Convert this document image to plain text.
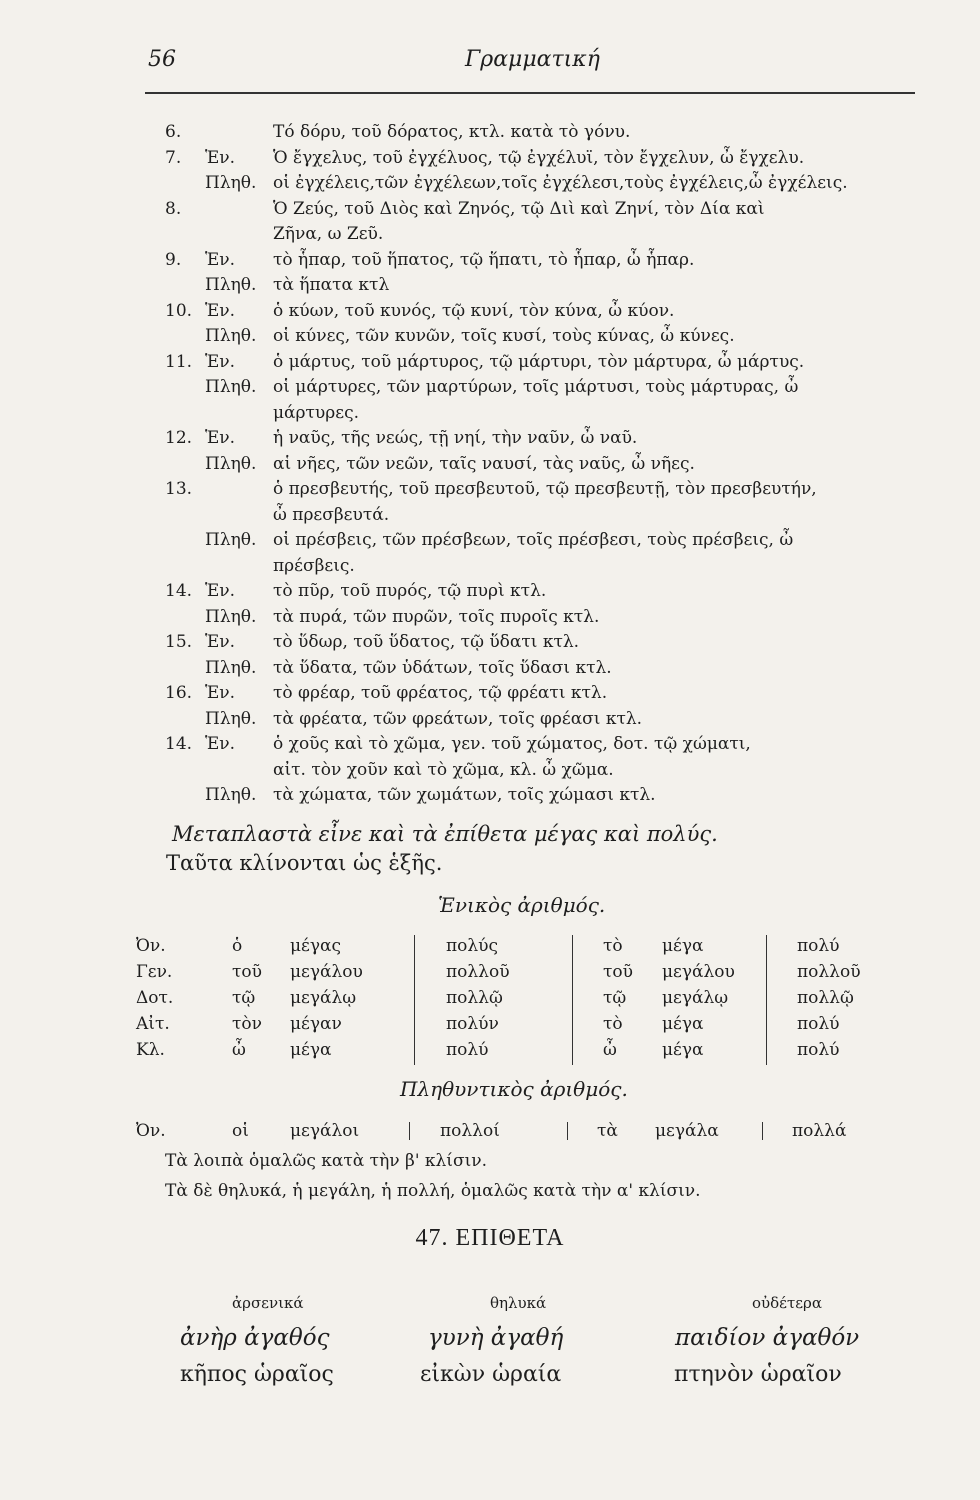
56	Γραμματική
6.	Τό δόρυ, τοῦ δόρατος, κτλ. κατὰ τὸ γόνυ.
7. Ἑν. Ὁ ἔγχελυς, τοῦ ἐγχέλυος, τῷ ἐγχέλυϊ, τὸν ἔγχελυν, ὦ ἔγχελυ.
Πληθ. οἱ ἐγχέλεις,τῶν ἐγχέλεων,τοῖς ἐγχέλεσι,τοὺς ἐγχέλεις,ὦ ἐγχέλεις.
8.	Ὁ Ζεύς, τοῦ Διὸς καὶ Ζηνός, τῷ Διὶ καὶ Ζηνί, τὸν Δία καὶ
Ζῆνα, ω Ζεῦ.
9. Ἑν. τὸ ἧπαρ, τοῦ ἥπατος, τῷ ἥπατι, τὸ ἧπαρ, ὦ ἧπαρ.
Πληθ. τὰ ἥπατα κτλ
10. Ἑν. ὁ κύων, τοῦ κυνός, τῷ κυνί, τὸν κύνα, ὦ κύον.
Πληθ. οἱ κύνες, τῶν κυνῶν, τοῖς κυσί, τοὺς κύνας, ὦ κύνες.
11. Ἑν. ὁ μάρτυς, τοῦ μάρτυρος, τῷ μάρτυρι, τὸν μάρτυρα, ὦ μάρτυς.
Πληθ. οἱ μάρτυρες, τῶν μαρτύρων, τοῖς μάρτυσι, τοὺς μάρτυρας, ὦ
μάρτυρες.
12. Ἑν. ἡ ναῦς, τῆς νεώς, τῇ νηί, τὴν ναῦν, ὦ ναῦ.
Πληθ. αἱ νῆες, τῶν νεῶν, ταῖς ναυσί, τὰς ναῦς, ὦ νῆες.
13.	ὁ πρεσβευτής, τοῦ πρεσβευτοῦ, τῷ πρεσβευτῇ, τὸν πρεσβευτήν,
ὦ πρεσβευτά.
Πληθ. οἱ πρέσβεις, τῶν πρέσβεων, τοῖς πρέσβεσι, τοὺς πρέσβεις, ὦ
πρέσβεις.
14. Ἑν. τὸ πῦρ, τοῦ πυρός, τῷ πυρὶ κτλ.
Πληθ. τὰ πυρά, τῶν πυρῶν, τοῖς πυροῖς κτλ.
15. Ἑν. τὸ ὕδωρ, τοῦ ὕδατος, τῷ ὕδατι κτλ.
Πληθ. τὰ ὕδατα, τῶν ὑδάτων, τοῖς ὕδασι κτλ.
16. Ἑν. τὸ φρέαρ, τοῦ φρέατος, τῷ φρέατι κτλ.
Πληθ. τὰ φρέατα, τῶν φρεάτων, τοῖς φρέασι κτλ.
14. Ἑν. ὁ χοῦς καὶ τὸ χῶμα, γεν. τοῦ χώματος, δοτ. τῷ χώματι,
αἰτ. τὸν χοῦν καὶ τὸ χῶμα, κλ. ὦ χῶμα.
Πληθ. τὰ χώματα, τῶν χωμάτων, τοῖς χώμασι κτλ.
Μεταπλαστὰ εἶνε καὶ τὰ ἐπίθετα μέγας καὶ πολύς.
Ταῦτα κλίνονται ὡς ἑξῆς.
Ἑνικὸς ἀριθμός.
Ὀν.	ὁ	μέγας	πολύς	τὸ μέγα	πολύ
Γεν.	τοῦ μεγάλου	πολλοῦ	τοῦ μεγάλου	πολλοῦ
Δοτ.	τῷ μεγάλῳ	πολλῷ	τῷ μεγάλῳ	πολλῷ
Αἰτ.	τὸν μέγαν	πολύν	τὸ μέγα	πολύ
Κλ.	ὦ	μέγα	πολύ	ὦ	μέγα	πολύ
Πληθυντικὸς ἀριθμός.
Ὀν.	οἱ μεγάλοι	πολλοί	τὰ μεγάλα	πολλά
Τὰ λοιπὰ ὁμαλῶς κατὰ τὴν β' κλίσιν.
Τὰ δὲ θηλυκά, ἡ μεγάλη, ἡ πολλή, ὁμαλῶς κατὰ τὴν α' κλίσιν.
47. ΕΠΙΘΕΤΑ
ἀρσενικά	θηλυκά	οὐδέτερα
ἀνὴρ ἀγαθός	γυνὴ ἀγαθή	παιδίον ἀγαθόν
κῆπος ὡραῖος	εἰκὼν ὡραία	πτηνὸν ὡραῖον
